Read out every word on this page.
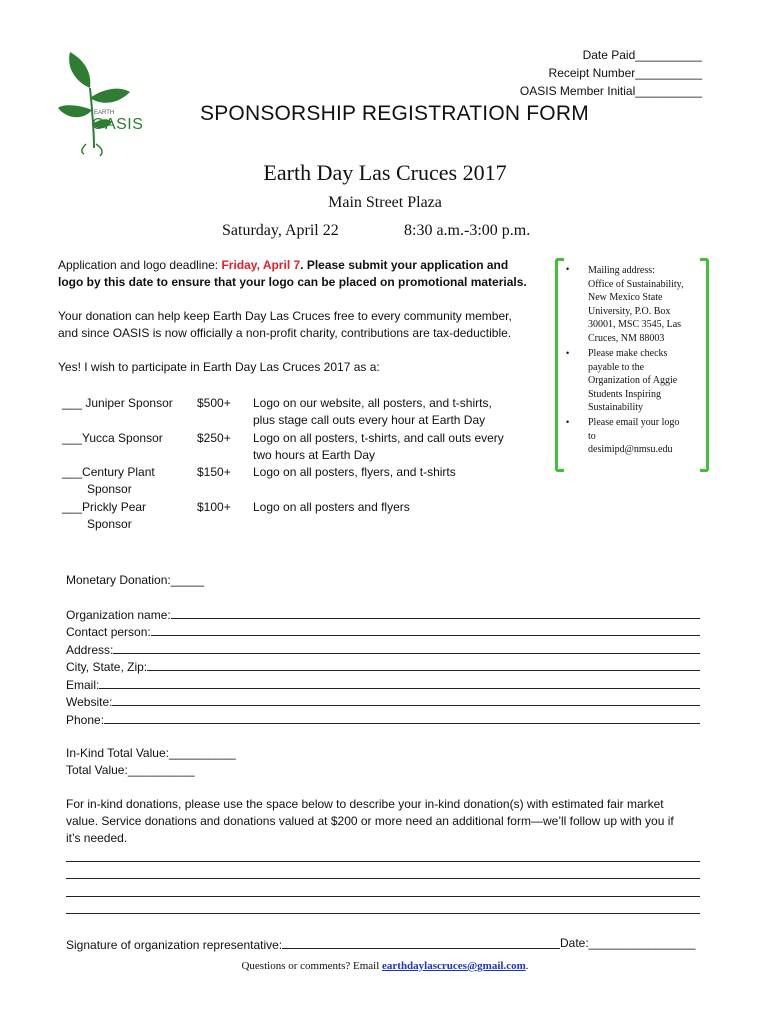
EARTH
OASIS
Date Paid__________
Receipt Number__________
OASIS Member Initial__________
SPONSORSHIP REGISTRATION FORM
Earth Day Las Cruces 2017
Main Street Plaza
Saturday, April 22	8:30 a.m.-3:00 p.m.
Application and logo deadline: Friday, April 7. Please submit your application and
logo by this date to ensure that your logo can be placed on promotional materials.
Your donation can help keep Earth Day Las Cruces free to every community member,
and since OASIS is now officially a non-profit charity, contributions are tax-deductible.
Yes! I wish to participate in Earth Day Las Cruces 2017 as a:
___ Juniper Sponsor $500+ Logo on our website, all posters, and t-shirts,
plus stage call outs every hour at Earth Day
___Yucca Sponsor	$250+ Logo on all posters, t-shirts, and call outs every
two hours at Earth Day
___Century Plant
Sponsor
$150+ Logo on all posters, flyers, and t-shirts
___Prickly Pear
Sponsor
$100+ Logo on all posters and flyers
• Mailing address:
Office of Sustainability,
New Mexico State
University, P.O. Box
30001, MSC 3545, Las
Cruces, NM 88003
• Please make checks
payable to the
Organization of Aggie
Students Inspiring
Sustainability
• Please email your logo
to
desimipd@nmsu.edu
Monetary Donation:_____
Organization name:
Contact person:
Address:
City, State, Zip:
Email:
Website:
Phone:
In-Kind Total Value:__________
Total Value:__________
For in-kind donations, please use the space below to describe your in-kind donation(s) with estimated fair market
value. Service donations and donations valued at $200 or more need an additional form—we’ll follow up with you if
it’s needed.
Signature of organization representative:	Date:________________
Questions or comments? Email earthdaylascruces@gmail.com.
